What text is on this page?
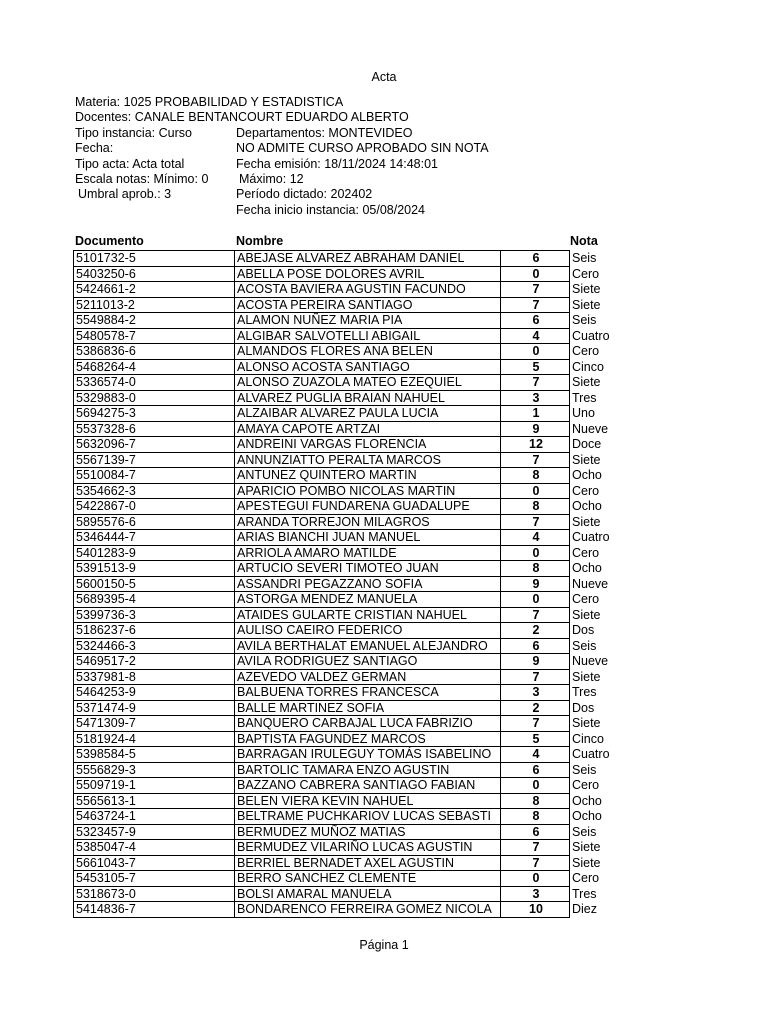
Acta
Materia: 1025 PROBABILIDAD Y ESTADISTICA
Docentes: CANALE BENTANCOURT EDUARDO ALBERTO
Tipo instancia: Curso	Departamentos: MONTEVIDEO
Fecha:	NO ADMITE CURSO APROBADO SIN NOTA
Tipo acta: Acta total	Fecha emisión: 18/11/2024 14:48:01
Escala notas: Mínimo: 0 Máximo: 12
Umbral aprob.: 3	Período dictado: 202402
Fecha inicio instancia: 05/08/2024
Documento	Nombre	Nota
5101732-5	ABEJASE ALVAREZ ABRAHAM DANIEL	6	Seis
5403250-6	ABELLA POSE DOLORES AVRIL	0	Cero
5424661-2	ACOSTA BAVIERA AGUSTIN FACUNDO	7	Siete
5211013-2	ACOSTA PEREIRA SANTIAGO	7	Siete
5549884-2	ALAMON NUÑEZ MARIA PIA	6	Seis
5480578-7	ALGIBAR SALVOTELLI ABIGAIL	4	Cuatro
5386836-6	ALMANDOS FLORES ANA BELEN	0	Cero
5468264-4	ALONSO ACOSTA SANTIAGO	5	Cinco
5336574-0	ALONSO ZUAZOLA MATEO EZEQUIEL	7	Siete
5329883-0	ALVAREZ PUGLIA BRAIAN NAHUEL	3	Tres
5694275-3	ALZAIBAR ALVAREZ PAULA LUCIA	1	Uno
5537328-6	AMAYA CAPOTE ARTZAI	9	Nueve
5632096-7	ANDREINI VARGAS FLORENCIA	12	Doce
5567139-7	ANNUNZIATTO PERALTA MARCOS	7	Siete
5510084-7	ANTUNEZ QUINTERO MARTIN	8	Ocho
5354662-3	APARICIO POMBO NICOLAS MARTIN	0	Cero
5422867-0	APESTEGUI FUNDARENA GUADALUPE	8	Ocho
5895576-6	ARANDA TORREJON MILAGROS	7	Siete
5346444-7	ARIAS BIANCHI JUAN MANUEL	4	Cuatro
5401283-9	ARRIOLA AMARO MATILDE	0	Cero
5391513-9	ARTUCIO SEVERI TIMOTEO JUAN	8	Ocho
5600150-5	ASSANDRI PEGAZZANO SOFIA	9	Nueve
5689395-4	ASTORGA MENDEZ MANUELA	0	Cero
5399736-3	ATAIDES GULARTE CRISTIAN NAHUEL	7	Siete
5186237-6	AULISO CAEIRO FEDERICO	2	Dos
5324466-3	AVILA BERTHALAT EMANUEL ALEJANDRO	6	Seis
5469517-2	AVILA RODRIGUEZ SANTIAGO	9	Nueve
5337981-8	AZEVEDO VALDEZ GERMAN	7	Siete
5464253-9	BALBUENA TORRES FRANCESCA	3	Tres
5371474-9	BALLE MARTINEZ SOFIA	2	Dos
5471309-7	BANQUERO CARBAJAL LUCA FABRIZIO	7	Siete
5181924-4	BAPTISTA FAGUNDEZ MARCOS	5	Cinco
5398584-5	BARRAGAN IRULEGUY TOMÁS ISABELINO	4	Cuatro
5556829-3	BARTOLIC TAMARA ENZO AGUSTIN	6	Seis
5509719-1	BAZZANO CABRERA SANTIAGO FABIAN	0	Cero
5565613-1	BELEN VIERA KEVIN NAHUEL	8	Ocho
5463724-1	BELTRAME PUCHKARIOV LUCAS SEBASTI	8	Ocho
5323457-9	BERMUDEZ MUÑOZ MATIAS	6	Seis
5385047-4	BERMUDEZ VILARIÑO LUCAS AGUSTIN	7	Siete
5661043-7	BERRIEL BERNADET AXEL AGUSTIN	7	Siete
5453105-7	BERRO SANCHEZ CLEMENTE	0	Cero
5318673-0	BOLSI AMARAL MANUELA	3	Tres
5414836-7	BONDARENCO FERREIRA GOMEZ NICOLA	10	Diez
Página 1
